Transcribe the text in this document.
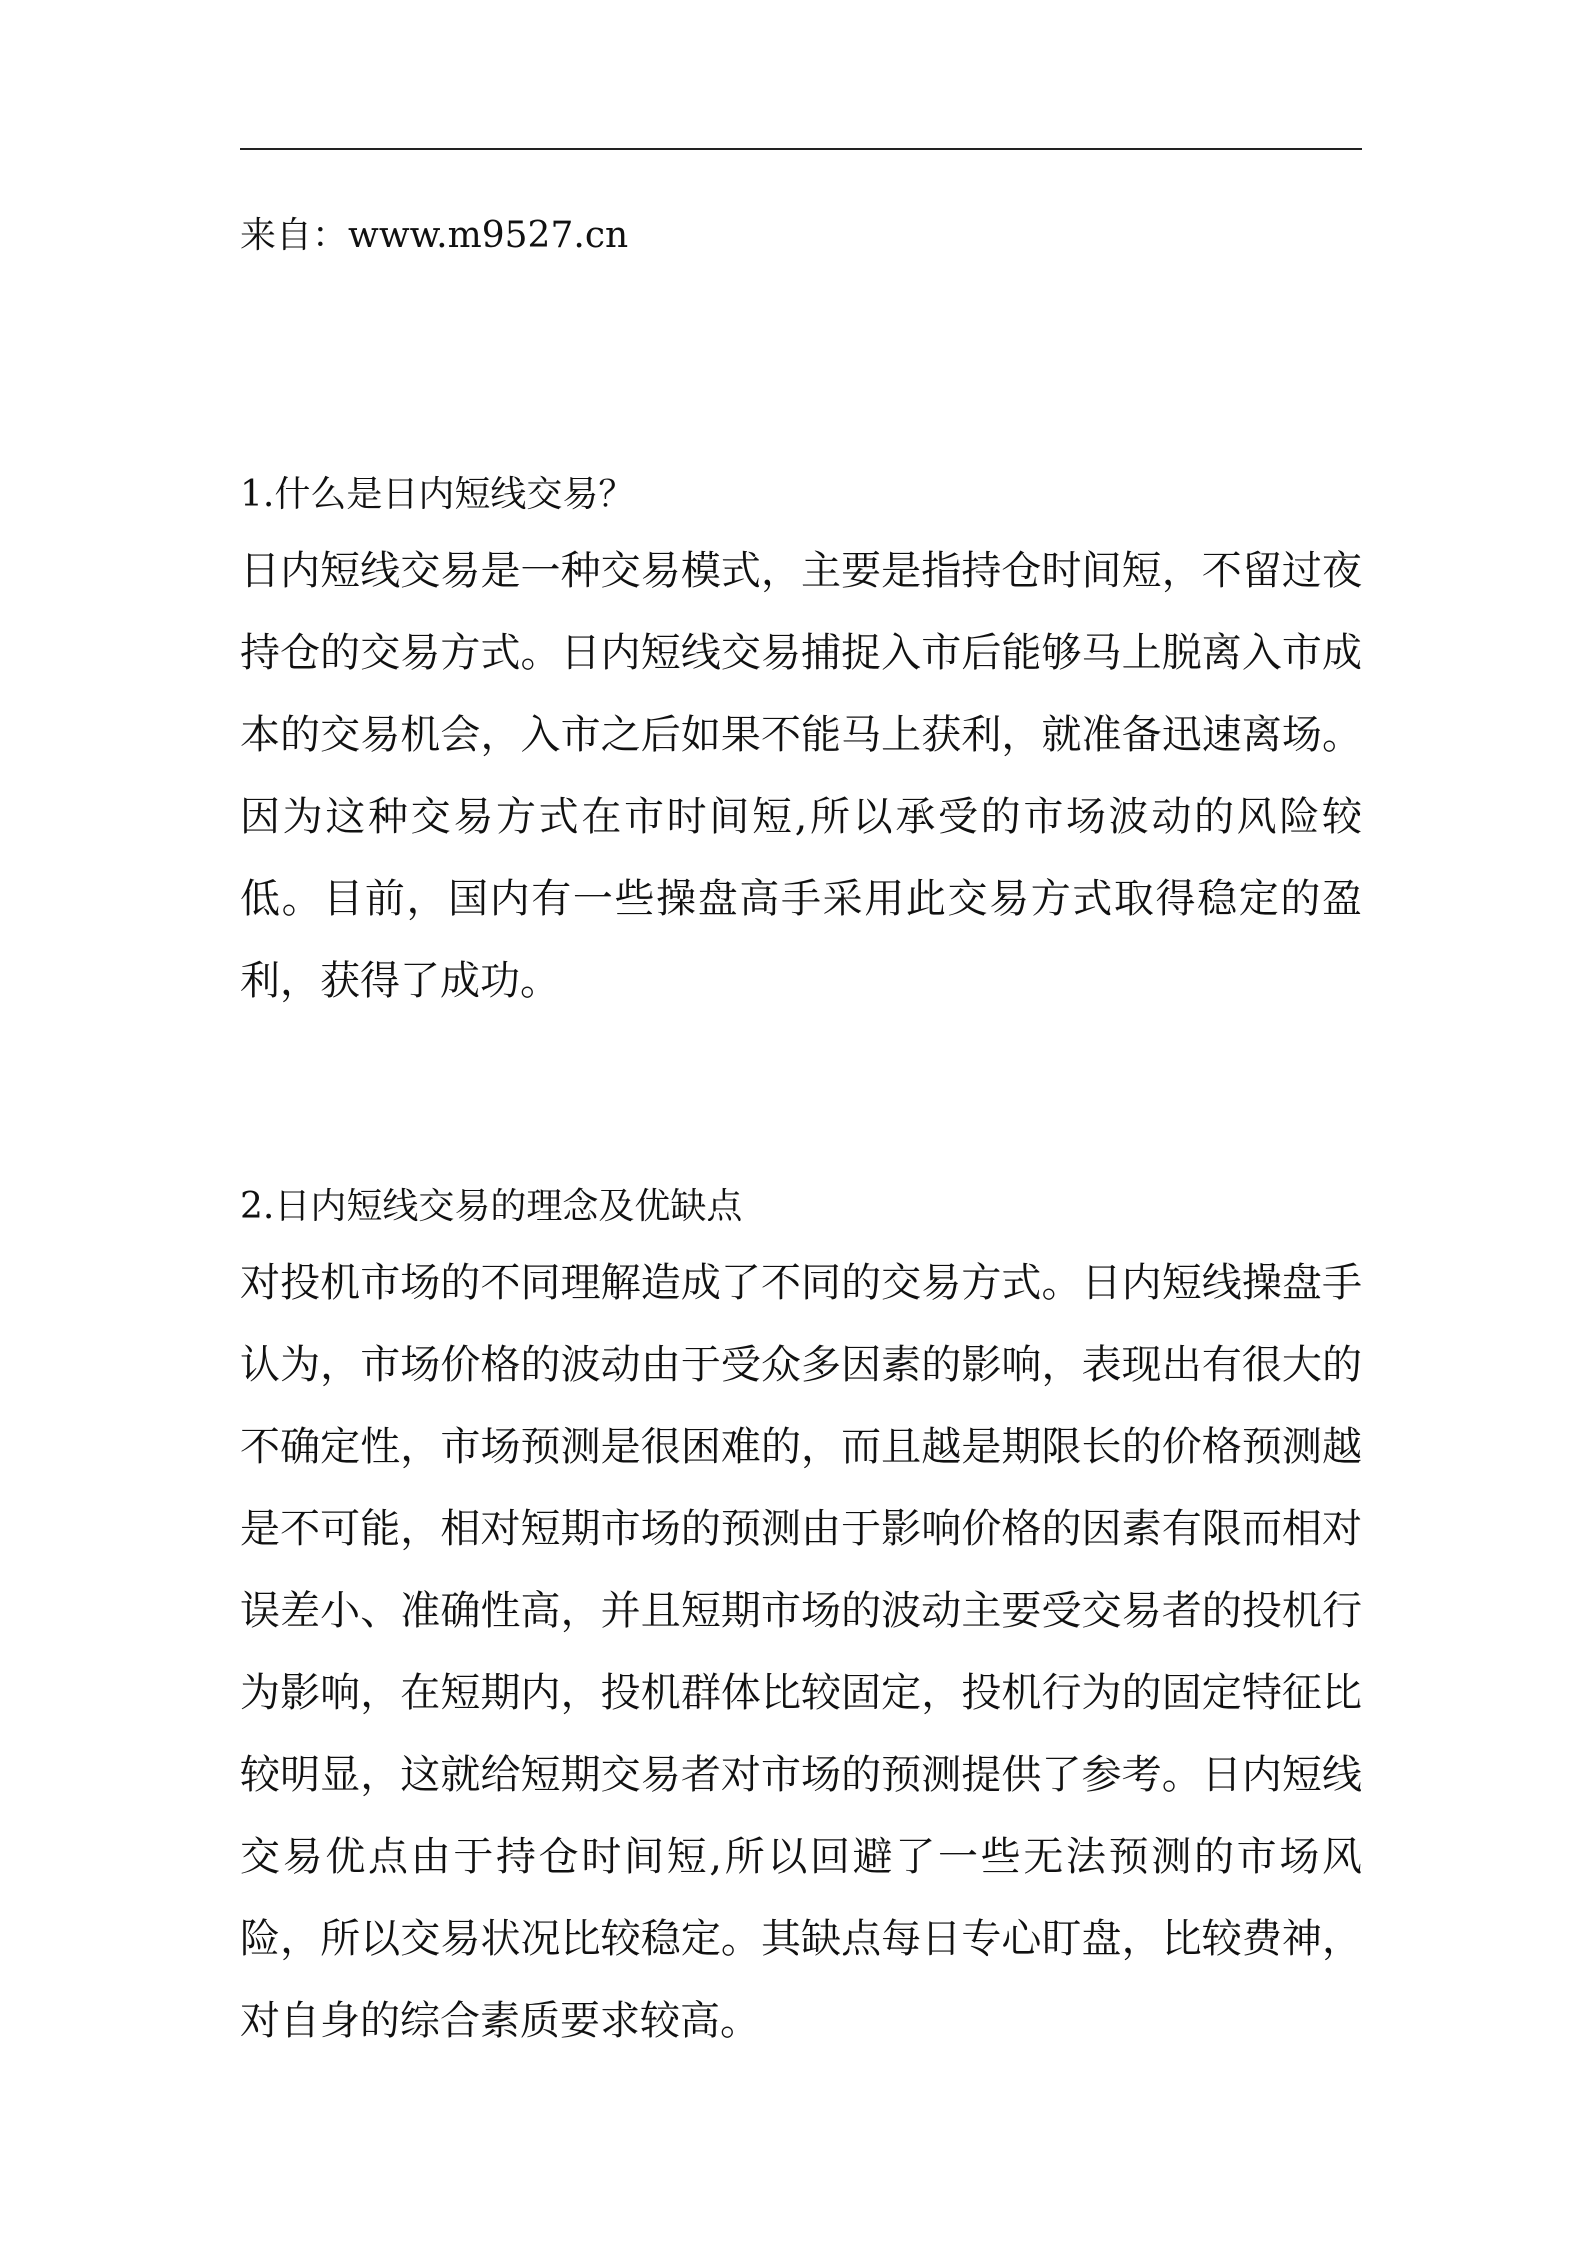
来自：www.m9527.cn
1.什么是日内短线交易？

日内短线交易是一种交易模式，主要是指持仓时间短，不留过夜持仓的交易方式。日内短线交易捕捉入市后能够马上脱离入市成本的交易机会，入市之后如果不能马上获利，就准备迅速离场。因为这种交易方式在市时间短,所以承受的市场波动的风险较低。目前，国内有一些操盘高手采用此交易方式取得稳定的盈利，获得了成功。

2.日内短线交易的理念及优缺点

对投机市场的不同理解造成了不同的交易方式。日内短线操盘手认为，市场价格的波动由于受众多因素的影响，表现出有很大的不确定性，市场预测是很困难的，而且越是期限长的价格预测越是不可能，相对短期市场的预测由于影响价格的因素有限而相对误差小、准确性高，并且短期市场的波动主要受交易者的投机行为影响，在短期内，投机群体比较固定，投机行为的固定特征比较明显，这就给短期交易者对市场的预测提供了参考。日内短线交易优点由于持仓时间短,所以回避了一些无法预测的市场风险，所以交易状况比较稳定。其缺点每日专心盯盘，比较费神，对自身的综合素质要求较高。
